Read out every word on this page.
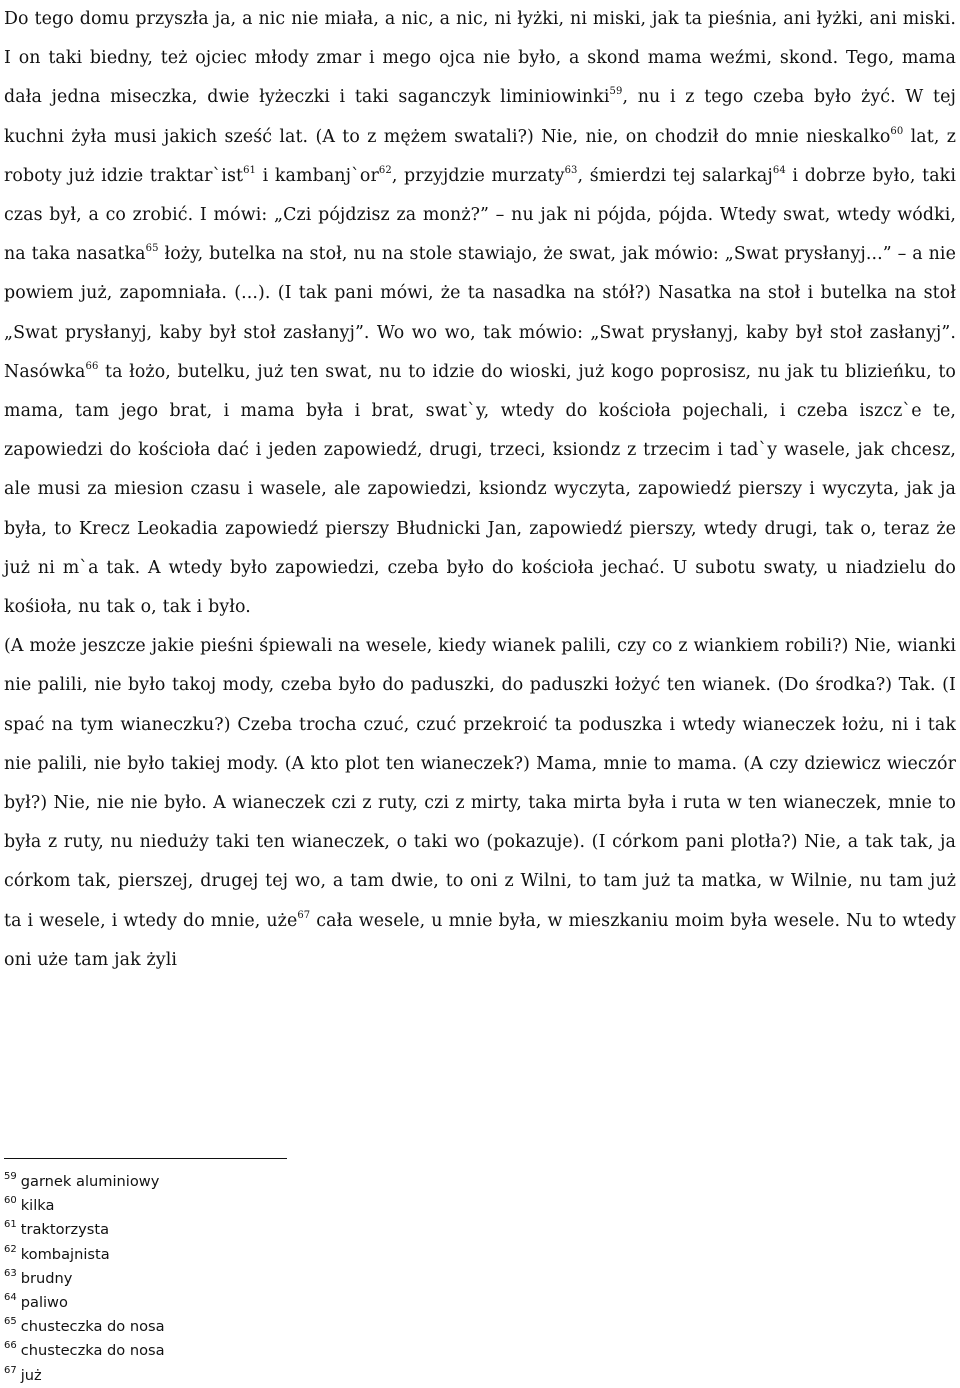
Do tego domu przyszła ja, a nic nie miała, a nic, a nic, ni łyżki, ni miski, jak ta pieśnia, ani łyżki, ani miski. I on taki biedny, też ojciec młody zmar i mego ojca nie było, a skond mama weźmi, skond. Tego, mama dała jedna miseczka, dwie łyżeczki i taki saganczyk liminiowinki$^{59}$, nu i z tego czeba było żyć. W tej kuchni żyła musi jakich sześć lat. (A to z mężem swatali?) Nie, nie, on chodził do mnie nieskalko$^{60}$ lat, z roboty już idzie traktar`ist$^{61}$ i $kambanj`or^{62}$, przyjdzie murzaty$^{63}$, śmierdzi tej salarkaj$^{64}$ i dobrze było, taki czas był, a co zrobić. I mówi: „Czi pójdzisz za monż?” – nu jak ni pójda, pójda. Wtedy swat, wtedy wódki, na taka nasatka$^{65}$ łoży, butelka na stoł, nu na stole stawiajo, że swat, jak mówio: „Swat prysłanyj...” – a nie powiem już, zapomniała. (...). (I tak pani mówi, że ta nasadka na stół?) Nasatka na stoł i butelka na stoł „Swat prysłanyj, kaby był stoł zasłanyj”. Wo wo wo, tak mówio: „Swat prysłanyj, kaby był stoł zasłanyj”. Nasówka$^{66}$ ta łożo, butelku, już ten swat, nu to idzie do wioski, już kogo poprosisz, nu jak tu blizieńku, to mama, tam jego brat, i mama była i brat, swat`y, wtedy do kościoła pojechali, i czeba iszcz`e te, zapowiedzi do kościoła dać i jeden zapowiedź, drugi, trzeci, ksiondz z trzecim i tad`y wasele, jak chcesz, ale musi za miesion czasu i wasele, ale zapowiedzi, ksiondz wyczyta, zapowiedź pierszy i wyczyta, jak ja była, to Krecz Leokadia zapowiedź pierszy Błudnicki Jan, zapowiedź pierszy, wtedy drugi, tak o, teraz że już ni m`a tak. A wtedy było zapowiedzi, czeba było do kościoła jechać. U subotu swaty, u niadzielu do kośioła, nu tak o, tak i było.

(A może jeszcze jakie pieśni śpiewali na wesele, kiedy wianek palili, czy co z wiankiem robili?) Nie, wianki nie palili, nie było takoj mody, czeba było do paduszki, do paduszki łożyć ten wianek. (Do środka?) Tak. (I spać na tym wianeczku?) Czeba trocha czuć, czuć przekroić ta poduszka i wtedy wianeczek łożu, ni i tak nie palili, nie było takiej mody. (A kto plot ten wianeczek?) Mama, mnie to mama. (A czy dziewicz wieczór był?) Nie, nie nie było. A wianeczek czi z ruty, czi z mirty, taka mirta była i ruta w ten wianeczek, mnie to była z ruty, nu niedużу taki ten wianeczek, o taki wo (pokazuje). (I córkom pani plotła?) Nie, a tak tak, ja córkom tak, pierszej, drugej tej wo, a tam dwie, to oni z Wilni, to tam już ta matka, w Wilnie, nu tam już ta i wesele, i wtedy do mnie, uże$^{67}$ cała wesele, u mnie była, w mieszkaniu moim była wesele. Nu to wtedy oni uże tam jak żyli

$^{59}$ garnek aluminiowy
$^{60}$ kilka
$^{61}$ traktorzysta
$^{62}$ kombajnista
$^{63}$ brudny
$^{64}$ paliwo
$^{65}$ chusteczka do nosa
$^{66}$ chusteczka do nosa
$^{67}$ już
